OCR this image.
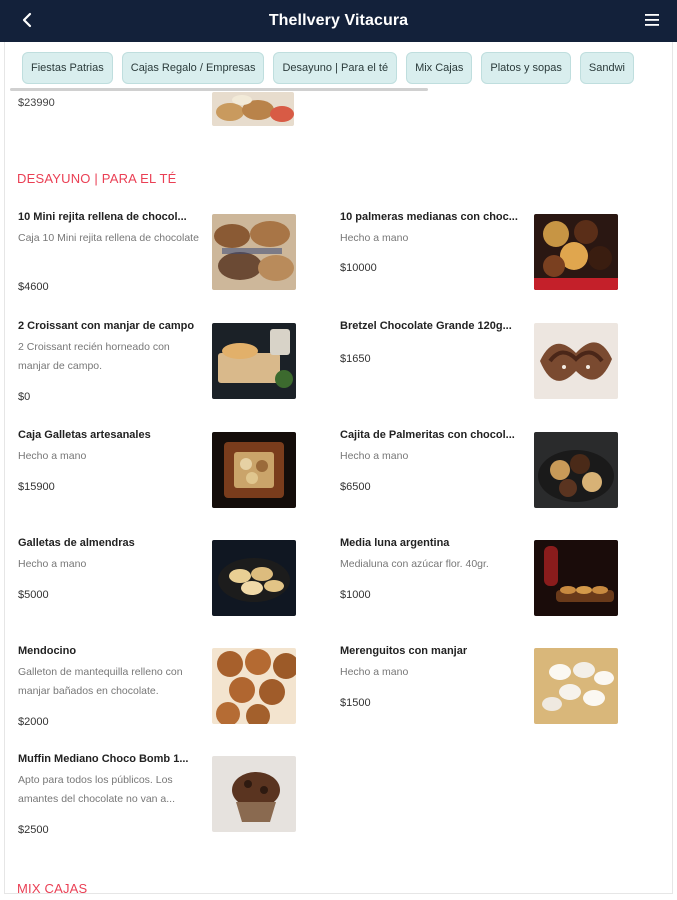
Thellvery Vitacura
Fiestas Patrias Cajas Regalo / Empresas Desayuno | Para el té Mix Cajas Platos y sopas Sandwi
$23990
DESAYUNO | PARA EL TÉ
10 Mini rejita rellena de chocol...
Caja 10 Mini rejita rellena de chocolate
$4600
10 palmeras medianas con choc...
Hecho a mano
$10000
2 Croissant con manjar de campo
2 Croissant recién horneado con manjar de campo.
$0
Bretzel Chocolate Grande 120g...
$1650
Caja Galletas artesanales
Hecho a mano
$15900
Cajita de Palmeritas con chocol...
Hecho a mano
$6500
Galletas de almendras
Hecho a mano
$5000
Media luna argentina
Medialuna con azúcar flor. 40gr.
$1000
Mendocino
Galleton de mantequilla relleno con manjar bañados en chocolate.
$2000
Merenguitos con manjar
Hecho a mano
$1500
Muffin Mediano Choco Bomb 1...
Apto para todos los públicos. Los amantes del chocolate no van a...
$2500
MIX CAJAS
